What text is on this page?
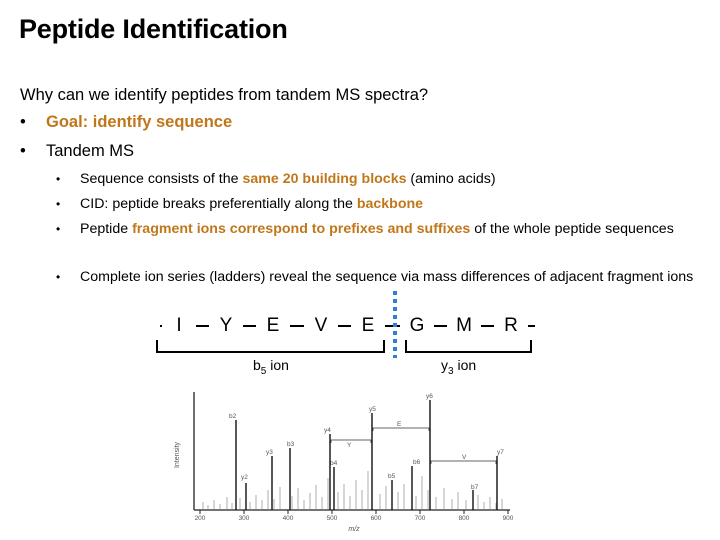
Peptide Identification
Why can we identify peptides from tandem MS spectra?
• Goal: identify sequence
• Tandem MS
• Sequence consists of the same 20 building blocks (amino acids)
• CID: peptide breaks preferentially along the backbone
• Peptide fragment ions correspond to prefixes and suffixes of the whole peptide sequences
• Complete ion series (ladders) reveal the sequence via mass differences of adjacent fragment ions
I	Y	E	V	E	G	M	R
$b_5$ ion	$y_3$ ion
200	300	400	500	600	700	800	900
m/z
Intensity
b2
y2
y3
b3
y4
Y
b4
y5
E
b5
b6
y6
V
b7
y7
